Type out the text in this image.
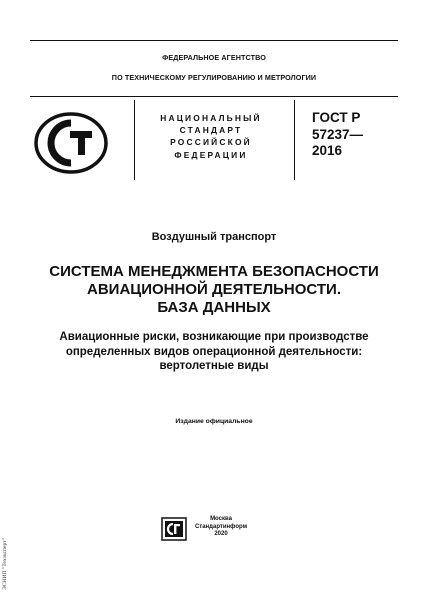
ФЕДЕРАЛЬНОЕ АГЕНТСТВО
ПО ТЕХНИЧЕСКОМУ РЕГУЛИРОВАНИЮ И МЕТРОЛОГИИ
НАЦИОНАЛЬНЫЙ
СТАНДАРТ
РОССИЙСКОЙ
ФЕДЕРАЦИИ
ГОСТ Р
57237—
2016
Воздушный транспорт
СИСТЕМА МЕНЕДЖМЕНТА БЕЗОПАСНОСТИ
АВИАЦИОННОЙ ДЕЯТЕЛЬНОСТИ.
БАЗА ДАННЫХ
Авиационные риски, возникающие при производстве
определенных видов операционной деятельности:
вертолетные виды
Издание официальное
Москва
Стандартинформ
2020
ЭСНИП "Техэксперт"
